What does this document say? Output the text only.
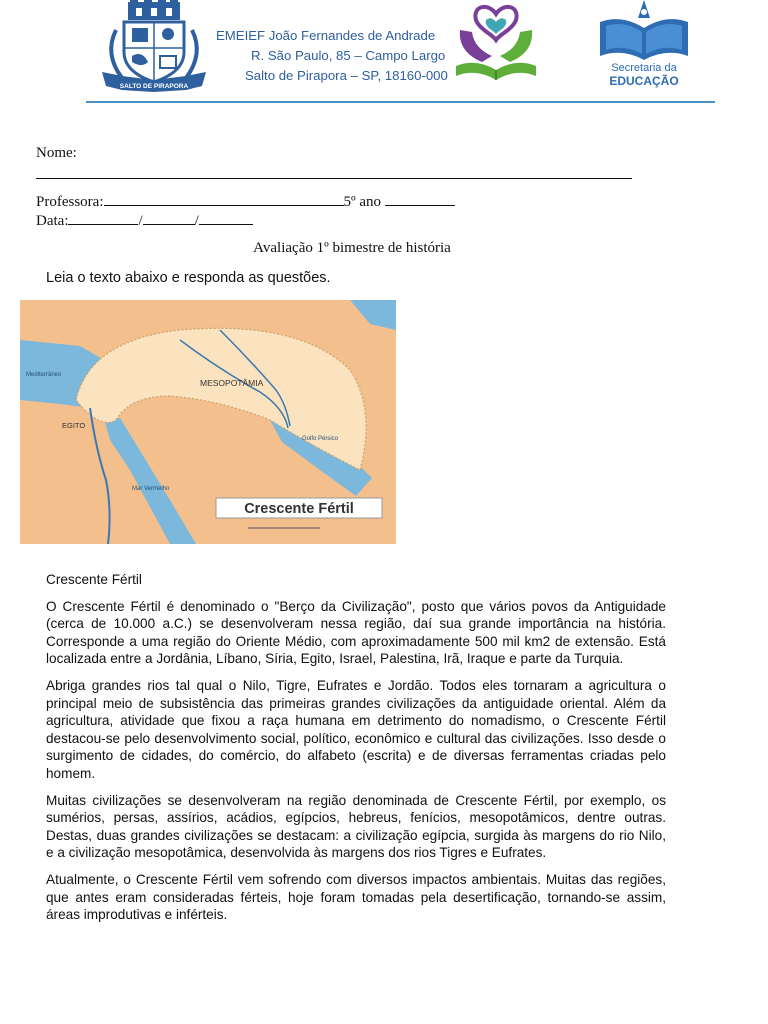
SALTO DE PIRAPORA
EMEIEF João Fernandes de Andrade
R. São Paulo, 85 – Campo Largo
Salto de Pirapora – SP, 18160-000	Secretaria da
EDUCAÇÃO
Nome:
Professora:	5º ano
Data:	/	/
Avaliação 1º bimestre de história
Leia o texto abaixo e responda as questões.
MESOPOTÂMIA
EGITO
Mediterrâneo
Golfo Pérsico
Mar Vermelho
Crescente Fértil

Crescente Fértil

O Crescente Fértil é denominado o "Berço da Civilização", posto que vários povos da Antiguidade (cerca de 10.000 a.C.) se desenvolveram nessa região, daí sua grande importância na história. Corresponde a uma região do Oriente Médio, com aproximadamente 500 mil km2 de extensão. Está localizada entre a Jordânia, Líbano, Síria, Egito, Israel, Palestina, Irã, Iraque e parte da Turquia.

Abriga grandes rios tal qual o Nilo, Tigre, Eufrates e Jordão. Todos eles tornaram a agricultura o principal meio de subsistência das primeiras grandes civilizações da antiguidade oriental. Além da agricultura, atividade que fixou a raça humana em detrimento do nomadismo, o Crescente Fértil destacou-se pelo desenvolvimento social, político, econômico e cultural das civilizações. Isso desde o surgimento de cidades, do comércio, do alfabeto (escrita) e de diversas ferramentas criadas pelo homem.

Muitas civilizações se desenvolveram na região denominada de Crescente Fértil, por exemplo, os sumérios, persas, assírios, acádios, egípcios, hebreus, fenícios, mesopotâmicos, dentre outras. Destas, duas grandes civilizações se destacam: a civilização egípcia, surgida às margens do rio Nilo, e a civilização mesopotâmica, desenvolvida às margens dos rios Tigres e Eufrates.

Atualmente, o Crescente Fértil vem sofrendo com diversos impactos ambientais. Muitas das regiões, que antes eram consideradas férteis, hoje foram tomadas pela desertificação, tornando-se assim, áreas improdutivas e inférteis.
